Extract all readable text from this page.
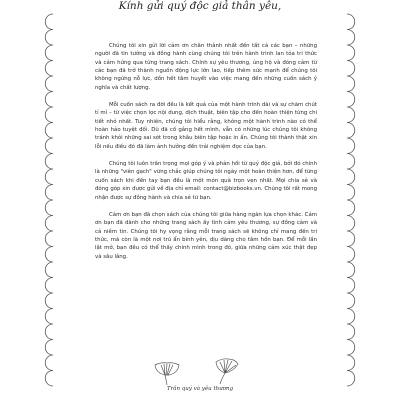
Kính gửi quý độc giả thân yêu,

Chúng tôi xin gửi lời cảm ơn chân thành nhất đến tất cả các bạn – những người đã tin tưởng và đồng hành cùng chúng tôi trên hành trình lan tỏa tri thức và cảm hứng qua từng trang sách. Chính sự yêu thương, ủng hộ và đóng cảm từ các bạn đã trở thành nguồn động lực lớn lao, tiếp thêm sức mạnh để chúng tôi không ngừng nỗ lực, dồn hết tâm huyết vào việc mang đến những cuốn sách ý nghĩa và chất lượng.

Mỗi cuốn sách ra đời đều là kết quả của một hành trình dài và sự chăm chút tỉ mỉ – từ việc chọn lọc nội dung, dịch thuật, biên tập cho đến hoàn thiện từng chi tiết nhỏ nhất. Tuy nhiên, chúng tôi hiểu rằng, không một hành trình nào có thể hoàn hảo tuyệt đối. Dù đã cố gắng hết mình, vẫn có những lúc chúng tôi không tránh khỏi những sai sót trong khâu biên tập hoặc in ấn. Chúng tôi thành thật xin lỗi nếu điều đó đã làm ảnh hưởng đến trải nghiệm đọc của bạn.

Chúng tôi luôn trân trọng mọi góp ý và phản hồi từ quý độc giả, bởi đó chính là những "viên gạch" vững chắc giúp chúng tôi ngày một hoàn thiện hơn, để từng cuốn sách khi đến tay bạn đều là một món quà trọn vẹn nhất. Mọi chia sẻ và đóng góp xin được gửi về địa chỉ email: contact@bizbooks.vn. Chúng tôi rất mong nhận được sự đồng hành và chia sẻ từ bạn.

Cảm ơn bạn đã chọn sách của chúng tôi giữa hàng ngàn lựa chọn khác. Cảm ơn bạn đã dành cho những trang sách ấy tình cảm yêu thương, sự đồng cảm và cả niềm tin. Chúng tôi hy vọng rằng mỗi trang sách sẽ không chỉ mang đến tri thức, mà còn là một nơi trú ẩn bình yên, dịu dàng cho tâm hồn bạn. Để mỗi lần lật mở, bạn đều có thể thấy chính mình trong đó, giữa những cảm xúc thật đẹp và sâu lắng.

Trân quý và yêu thương
